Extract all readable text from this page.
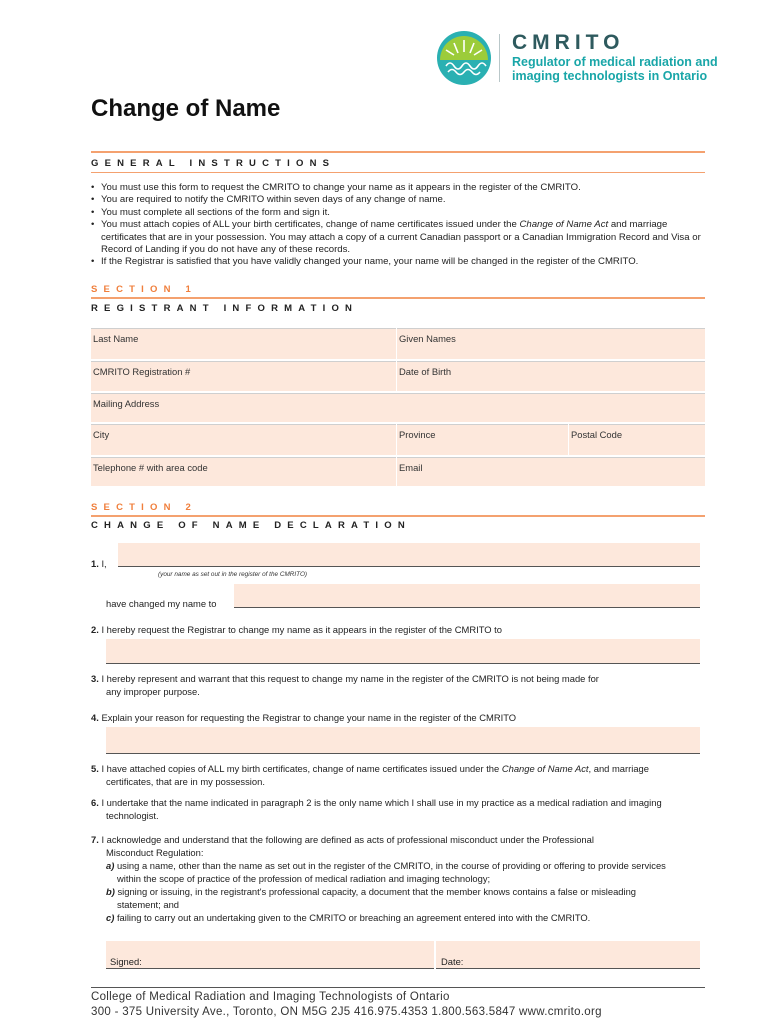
CMRITO
Regulator of medical radiation and
imaging technologists in Ontario
Change of Name
GENERAL INSTRUCTIONS
• You must use this form to request the CMRITO to change your name as it appears in the register of the CMRITO.
• You are required to notify the CMRITO within seven days of any change of name.
• You must complete all sections of the form and sign it.
• You must attach copies of ALL your birth certificates, change of name certificates issued under the Change of Name Act and marriage certificates that are in your possession. You may attach a copy of a current Canadian passport or a Canadian Immigration Record and Visa or Record of Landing if you do not have any of these records.
• If the Registrar is satisfied that you have validly changed your name, your name will be changed in the register of the CMRITO.
SECTION 1
REGISTRANT INFORMATION
Last Name	Given Names
CMRITO Registration #	Date of Birth
Mailing Address
City	Province	Postal Code
Telephone # with area code	Email
SECTION 2
CHANGE OF NAME DECLARATION
1. I,
(your name as set out in the register of the CMRITO)
have changed my name to
2. I hereby request the Registrar to change my name as it appears in the register of the CMRITO to
3. I hereby represent and warrant that this request to change my name in the register of the CMRITO is not being made for
any improper purpose.
4. Explain your reason for requesting the Registrar to change your name in the register of the CMRITO
5. I have attached copies of ALL my birth certificates, change of name certificates issued under the Change of Name Act, and marriage
certificates, that are in my possession.
6. I undertake that the name indicated in paragraph 2 is the only name which I shall use in my practice as a medical radiation and imaging
technologist.
7. I acknowledge and understand that the following are defined as acts of professional misconduct under the Professional
Misconduct Regulation:
a) using a name, other than the name as set out in the register of the CMRITO, in the course of providing or offering to provide services
within the scope of practice of the profession of medical radiation and imaging technology;
b) signing or issuing, in the registrant's professional capacity, a document that the member knows contains a false or misleading
statement; and
c) failing to carry out an undertaking given to the CMRITO or breaching an agreement entered into with the CMRITO.
Signed:	Date:
College of Medical Radiation and Imaging Technologists of Ontario
300 - 375 University Ave., Toronto, ON M5G 2J5 416.975.4353 1.800.563.5847 www.cmrito.org
